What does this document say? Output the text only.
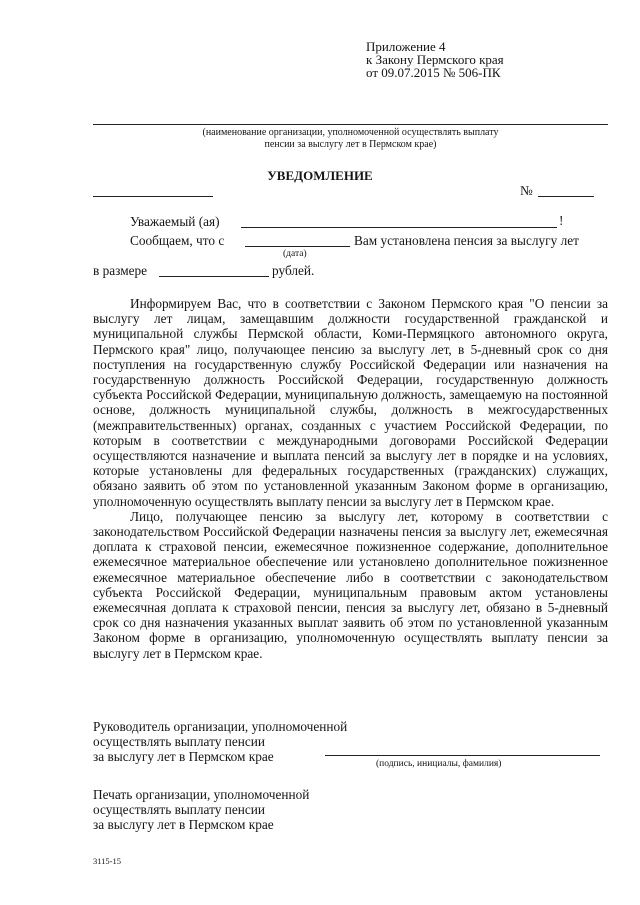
Приложение 4
к Закону Пермского края
от 09.07.2015 № 506-ПК
(наименование организации, уполномоченной осуществлять выплату
пенсии за выслугу лет в Пермском крае)
УВЕДОМЛЕНИЕ
№
Уважаемый (ая)	!
Сообщаем, что с	Вам установлена пенсия за выслугу лет
(дата)
в размере	рублей.

Информируем Вас, что в соответствии с Законом Пермского края "О пенсии за выслугу лет лицам, замещавшим должности государственной гражданской и муниципальной службы Пермской области, Коми-Пермяцкого автономного округа, Пермского края" лицо, получающее пенсию за выслугу лет, в 5-дневный срок со дня поступления на государственную службу Российской Федерации или назначения на государственную должность Российской Федерации, государственную должность субъекта Российской Федерации, муниципальную должность, замещаемую на постоянной основе, должность муниципальной службы, должность в межгосударственных (межправительственных) органах, созданных с участием Российской Федерации, по которым в соответствии с международными договорами Российской Федерации осуществляются назначение и выплата пенсий за выслугу лет в порядке и на условиях, которые установлены для федеральных государственных (гражданских) служащих, обязано заявить об этом по установленной указанным Законом форме в организацию, уполномоченную осуществлять выплату пенсии за выслугу лет в Пермском крае.

Лицо, получающее пенсию за выслугу лет, которому в соответствии с законодательством Российской Федерации назначены пенсия за выслугу лет, ежемесячная доплата к страховой пенсии, ежемесячное пожизненное содержание, дополнительное ежемесячное материальное обеспечение или установлено дополнительное пожизненное ежемесячное материальное обеспечение либо в соответствии с законодательством субъекта Российской Федерации, муниципальным правовым актом установлены ежемесячная доплата к страховой пенсии, пенсия за выслугу лет, обязано в 5-дневный срок со дня назначения указанных выплат заявить об этом по установленной указанным Законом форме в организацию, уполномоченную осуществлять выплату пенсии за выслугу лет в Пермском крае.

Руководитель организации, уполномоченной
осуществлять выплату пенсии
за выслугу лет в Пермском крае	(подпись, инициалы, фамилия)
Печать организации, уполномоченной
осуществлять выплату пенсии
за выслугу лет в Пермском крае
3115-15
